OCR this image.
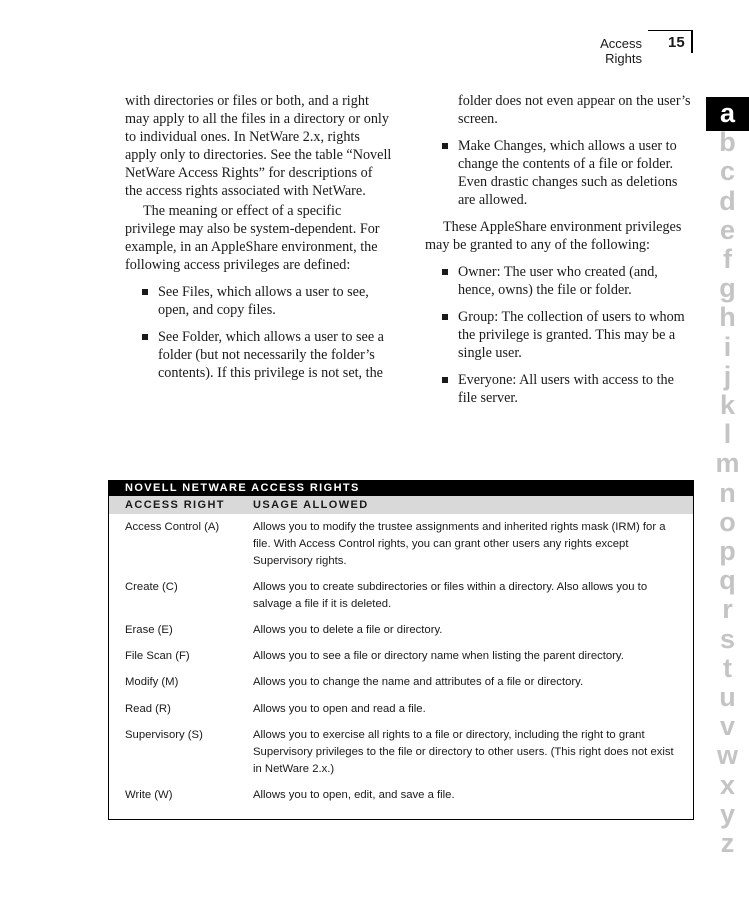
Access Rights
15

with directories or files or both, and a right may apply to all the files in a directory or only to individual ones. In NetWare 2.x, rights apply only to directories. See the table “Novell NetWare Access Rights” for descriptions of the access rights associated with NetWare.

The meaning or effect of a specific privilege may also be system-dependent. For example, in an AppleShare environment, the following access privileges are defined:

See Files, which allows a user to see, open, and copy files.
See Folder, which allows a user to see a folder (but not necessarily the folder’s contents). If this privilege is not set, the

folder does not even appear on the user’s screen.

Make Changes, which allows a user to change the contents of a file or folder. Even drastic changes such as deletions are allowed.

These AppleShare environment privileges may be granted to any of the following:

Owner: The user who created (and, hence, owns) the file or folder.
Group: The collection of users to whom the privilege is granted. This may be a single user.
Everyone: All users with access to the file server.
a
b
c
d
e
f
g
h
i
j
k
l
m
n
o
p
q
r
s
t
u
v
w
x
y
z
NOVELL NETWARE ACCESS RIGHTS
ACCESS RIGHT	USAGE ALLOWED
Access Control (A)	Allows you to modify the trustee assignments and inherited rights mask (IRM) for a file. With Access Control rights, you can grant other users any rights except Supervisory rights.
Create (C)	Allows you to create subdirectories or files within a directory. Also allows you to salvage a file if it is deleted.
Erase (E)	Allows you to delete a file or directory.
File Scan (F)	Allows you to see a file or directory name when listing the parent directory.
Modify (M)	Allows you to change the name and attributes of a file or directory.
Read (R)	Allows you to open and read a file.
Supervisory (S)	Allows you to exercise all rights to a file or directory, including the right to grant Supervisory privileges to the file or directory to other users. (This right does not exist in NetWare 2.x.)
Write (W)	Allows you to open, edit, and save a file.
